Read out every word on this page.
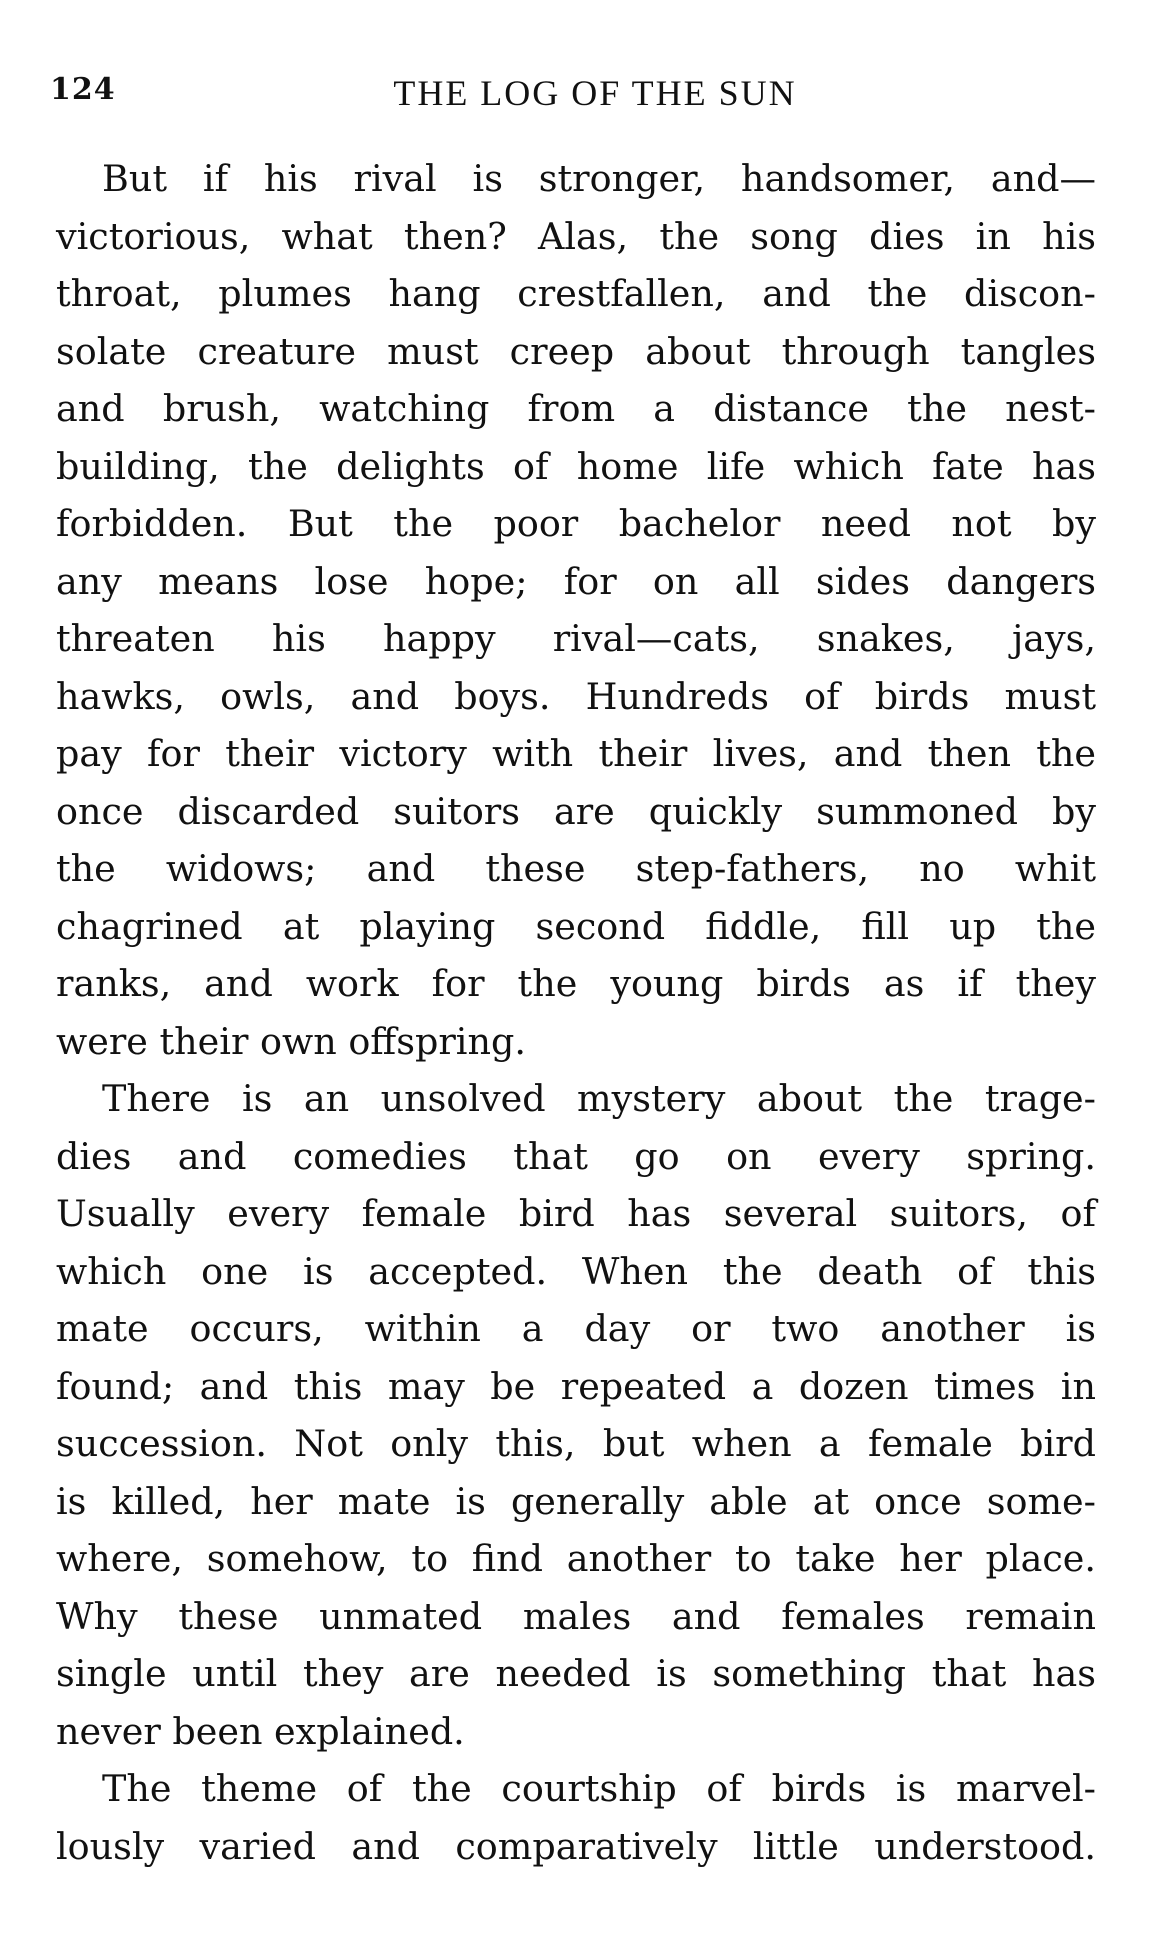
124	THE LOG OF THE SUN
But if his rival is stronger, handsomer, and—
victorious, what then? Alas, the song dies in his
throat, plumes hang crestfallen, and the discon-
solate creature must creep about through tangles
and brush, watching from a distance the nest-
building, the delights of home life which fate has
forbidden. But the poor bachelor need not by
any means lose hope; for on all sides dangers
threaten his happy rival—cats, snakes, jays,
hawks, owls, and boys. Hundreds of birds must
pay for their victory with their lives, and then the
once discarded suitors are quickly summoned by
the widows; and these step-fathers, no whit
chagrined at playing second fiddle, fill up the
ranks, and work for the young birds as if they
were their own offspring.
There is an unsolved mystery about the trage-
dies and comedies that go on every spring.
Usually every female bird has several suitors, of
which one is accepted. When the death of this
mate occurs, within a day or two another is
found; and this may be repeated a dozen times in
succession. Not only this, but when a female bird
is killed, her mate is generally able at once some-
where, somehow, to find another to take her place.
Why these unmated males and females remain
single until they are needed is something that has
never been explained.
The theme of the courtship of birds is marvel-
lously varied and comparatively little understood.
